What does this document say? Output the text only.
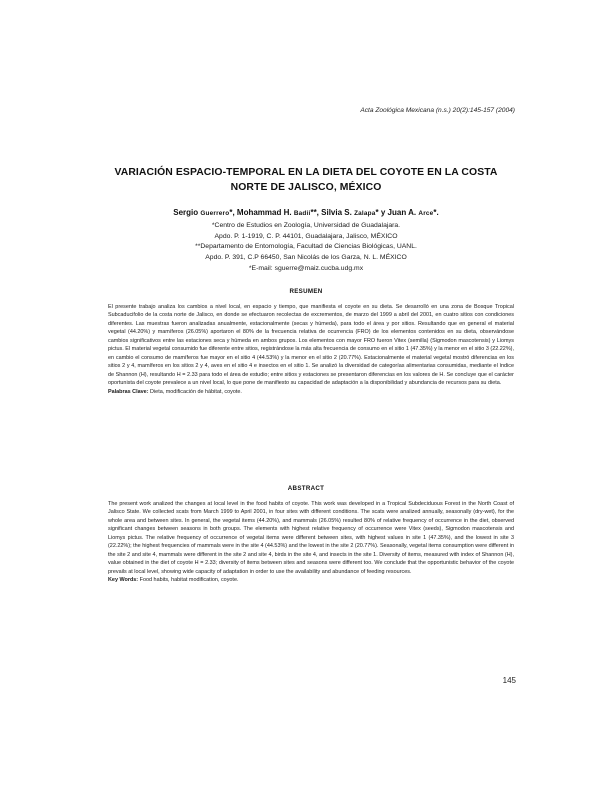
Acta Zoológica Mexicana (n.s.) 20(2):145-157 (2004)
VARIACIÓN ESPACIO-TEMPORAL EN LA DIETA DEL COYOTE EN LA COSTA NORTE DE JALISCO, MÉXICO
Sergio Guerrero*, Mohammad H. Badii**, Silvia S. Zalapa* y Juan A. Arce*.
*Centro de Estudios en Zoología, Universidad de Guadalajara.
Apdo. P. 1-1919, C. P. 44101, Guadalajara, Jalisco, MÉXICO
**Departamento de Entomología, Facultad de Ciencias Biológicas, UANL.
Apdo. P. 391, C.P 66450, San Nicolás de los Garza, N. L. MÉXICO
*E-mail: sguerre@maiz.cucba.udg.mx
RESUMEN

El presente trabajo analiza los cambios a nivel local, en espacio y tiempo, que manifiesta el coyote en su dieta. Se desarrolló en una zona de Bosque Tropical Subcaducifolio de la costa norte de Jalisco, en donde se efectuaron recolectas de excrementos, de marzo del 1999 a abril del 2001, en cuatro sitios con condiciones diferentes. Las muestras fueron analizadas anualmente, estacionalmente (secas y húmeda), para todo el área y por sitios. Resultando que en general el material vegetal (44.20%) y mamíferos (26.05%) aportaron el 80% de la frecuencia relativa de ocurrencia (FRO) de los elementos contenidos en su dieta, observándose cambios significativos entre las estaciones seca y húmeda en ambos grupos. Los elementos con mayor FRO fueron Vitex (semilla) (Sigmodon mascotensis) y Liomys pictus. El material vegetal consumido fue diferente entre sitios, registrándose la más alta frecuencia de consumo en el sitio 1 (47.35%) y la menor en el sitio 3 (22.22%), en cambio el consumo de mamíferos fue mayor en el sitio 4 (44.53%) y la menor en el sitio 2 (20.77%). Estacionalmente el material vegetal mostró diferencias en los sitios 2 y 4, mamíferos en los sitios 2 y 4, aves en el sitio 4 e insectos en el sitio 1. Se analizó la diversidad de categorías alimentarias consumidas, mediante el índice de Shannon (H), resultando H = 2.33 para todo el área de estudio; entre sitios y estaciones se presentaron diferencias en los valores de H. Se concluye que el carácter oportunista del coyote prevalece a un nivel local, lo que pone de manifiesto su capacidad de adaptación a la disponibilidad y abundancia de recursos para su dieta.
Palabras Clave: Dieta, modificación de hábitat, coyote.

ABSTRACT

The present work analized the changes at local level in the food habits of coyote. This work was developed in a Tropical Subdeciduous Forest in the North Coast of Jalisco State. We collected scats from March 1999 to April 2001, in four sites with different conditions. The scats were analized annually, seasonally (dry-wet), for the whole area and between sites. In general, the vegetal items (44.20%), and mammals (26.05%) resulted 80% of relative frequency of occurrence in the diet, observed significant changes between seasons in both groups. The elements with highest relative frequency of occurrence were Vitex (seeds), Sigmodon mascotensis and Liomys pictus. The relative frequency of occurrence of vegetal items were different between sites, with highest values in site 1 (47.35%), and the lowest in site 3 (22.22%); the highest frequencies of mammals were in the site 4 (44.53%) and the lowest in the site 2 (20.77%). Seasonally, vegetal items consumption were different in the site 2 and site 4, mammals were different in the site 2 and site 4, birds in the site 4, and insects in the site 1. Diversity of items, measured with index of Shannon (H), value obtained in the diet of coyote H = 2.33; diversity of items between sites and seasons were different too. We conclude that the opportunistic behavior of the coyote prevails at local level, showing wide capacity of adaptation in order to use the availability and abundance of feeding resources.
Key Words: Food habits, habitat modification, coyote.

145
